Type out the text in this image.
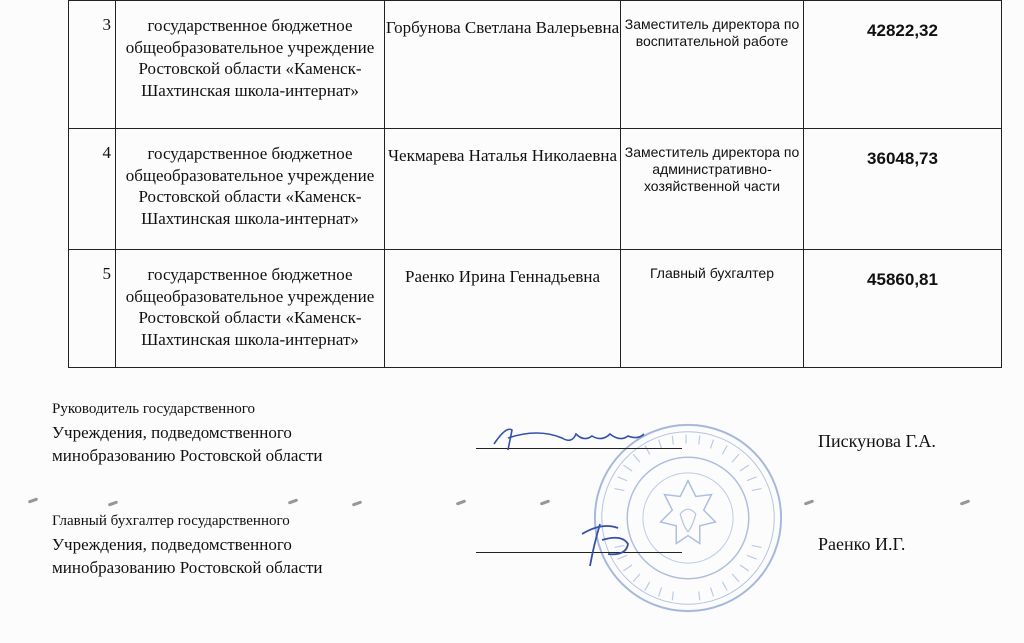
3	государственное бюджетное общеобразовательное учреждение Ростовской области «Каменск-Шахтинская школа-интернат»	Горбунова Светлана Валерьевна	Заместитель директора по воспитательной работе	42822,32
4	государственное бюджетное общеобразовательное учреждение Ростовской области «Каменск-Шахтинская школа-интернат»	Чекмарева Наталья Николаевна	Заместитель директора по административно-хозяйственной части	36048,73
5	государственное бюджетное общеобразовательное учреждение Ростовской области «Каменск-Шахтинская школа-интернат»	Раенко Ирина Геннадьевна	Главный бухгалтер	45860,81
Руководитель государственного
Учреждения, подведомственного
минобразованию Ростовской области
Пискунова Г.А.
Главный бухгалтер государственного
Учреждения, подведомственного
минобразованию Ростовской области
Раенко И.Г.
